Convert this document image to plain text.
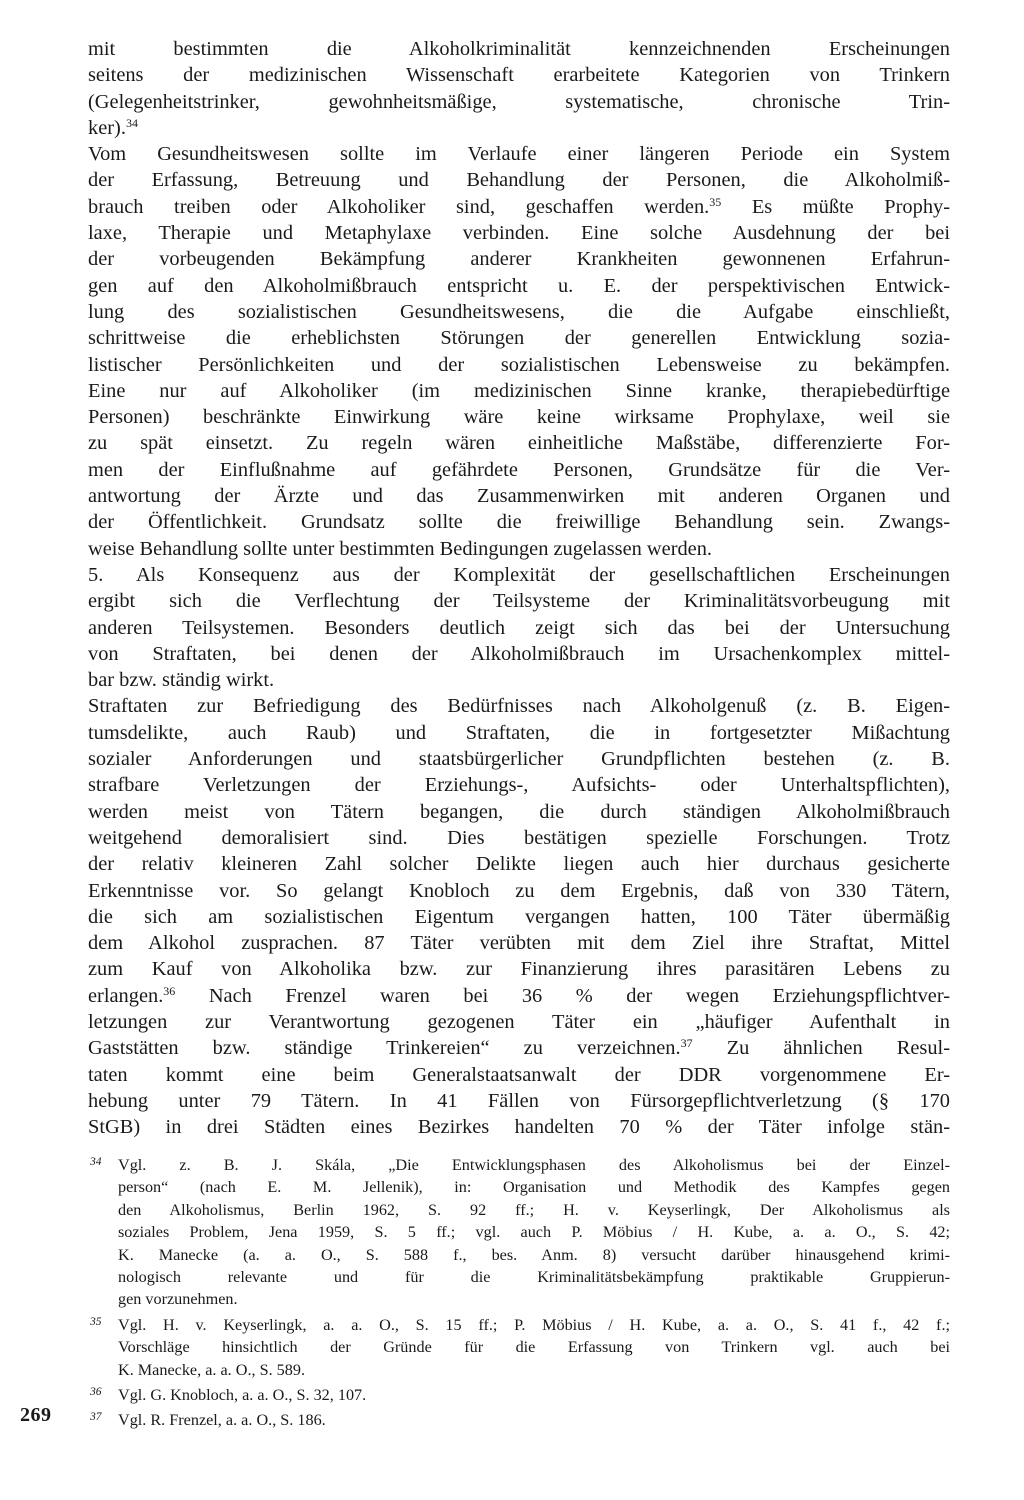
mit bestimmten die Alkoholkriminalität kennzeichnenden Erscheinungen
seitens der medizinischen Wissenschaft erarbeitete Kategorien von Trinkern
(Gelegenheitstrinker, gewohnheitsmäßige, systematische, chronische Trin-
ker).$^{34}$
Vom Gesundheitswesen sollte im Verlaufe einer längeren Periode ein System
der Erfassung, Betreuung und Behandlung der Personen, die Alkoholmiß-
brauch treiben oder Alkoholiker sind, geschaffen werden.$^{35}$ Es müßte Prophy-
laxe, Therapie und Metaphylaxe verbinden. Eine solche Ausdehnung der bei
der vorbeugenden Bekämpfung anderer Krankheiten gewonnenen Erfahrun-
gen auf den Alkoholmißbrauch entspricht u. E. der perspektivischen Entwick-
lung des sozialistischen Gesundheitswesens, die die Aufgabe einschließt,
schrittweise die erheblichsten Störungen der generellen Entwicklung sozia-
listischer Persönlichkeiten und der sozialistischen Lebensweise zu bekämpfen.
Eine nur auf Alkoholiker (im medizinischen Sinne kranke, therapiebedürftige
Personen) beschränkte Einwirkung wäre keine wirksame Prophylaxe, weil sie
zu spät einsetzt. Zu regeln wären einheitliche Maßstäbe, differenzierte For-
men der Einflußnahme auf gefährdete Personen, Grundsätze für die Ver-
antwortung der Ärzte und das Zusammenwirken mit anderen Organen und
der Öffentlichkeit. Grundsatz sollte die freiwillige Behandlung sein. Zwangs-
weise Behandlung sollte unter bestimmten Bedingungen zugelassen werden.
5. Als Konsequenz aus der Komplexität der gesellschaftlichen Erscheinungen
ergibt sich die Verflechtung der Teilsysteme der Kriminalitätsvorbeugung mit
anderen Teilsystemen. Besonders deutlich zeigt sich das bei der Untersuchung
von Straftaten, bei denen der Alkoholmißbrauch im Ursachenkomplex mittel-
bar bzw. ständig wirkt.
Straftaten zur Befriedigung des Bedürfnisses nach Alkoholgenuß (z. B. Eigen-
tumsdelikte, auch Raub) und Straftaten, die in fortgesetzter Mißachtung
sozialer Anforderungen und staatsbürgerlicher Grundpflichten bestehen (z. B.
strafbare Verletzungen der Erziehungs-, Aufsichts- oder Unterhaltspflichten),
werden meist von Tätern begangen, die durch ständigen Alkoholmißbrauch
weitgehend demoralisiert sind. Dies bestätigen spezielle Forschungen. Trotz
der relativ kleineren Zahl solcher Delikte liegen auch hier durchaus gesicherte
Erkenntnisse vor. So gelangt Knobloch zu dem Ergebnis, daß von 330 Tätern,
die sich am sozialistischen Eigentum vergangen hatten, 100 Täter übermäßig
dem Alkohol zusprachen. 87 Täter verübten mit dem Ziel ihre Straftat, Mittel
zum Kauf von Alkoholika bzw. zur Finanzierung ihres parasitären Lebens zu
erlangen.$^{36}$ Nach Frenzel waren bei 36 % der wegen Erziehungspflichtver-
letzungen zur Verantwortung gezogenen Täter ein „häufiger Aufenthalt in
Gaststätten bzw. ständige Trinkereien“ zu verzeichnen.$^{37}$ Zu ähnlichen Resul-
taten kommt eine beim Generalstaatsanwalt der DDR vorgenommene Er-
hebung unter 79 Tätern. In 41 Fällen von Fürsorgepflichtverletzung (§ 170
StGB) in drei Städten eines Bezirkes handelten 70 % der Täter infolge stän-
34	Vgl. z. B. J. Skála, „Die Entwicklungsphasen des Alkoholismus bei der Einzel-
person“ (nach E. M. Jellenik), in: Organisation und Methodik des Kampfes gegen
den Alkoholismus, Berlin 1962, S. 92 ff.; H. v. Keyserlingk, Der Alkoholismus als
soziales Problem, Jena 1959, S. 5 ff.; vgl. auch P. Möbius / H. Kube, a. a. O., S. 42;
K. Manecke (a. a. O., S. 588 f., bes. Anm. 8) versucht darüber hinausgehend krimi-
nologisch relevante und für die Kriminalitätsbekämpfung praktikable Gruppierun-
gen vorzunehmen.
35	Vgl. H. v. Keyserlingk, a. a. O., S. 15 ff.; P. Möbius / H. Kube, a. a. O., S. 41 f., 42 f.;
Vorschläge hinsichtlich der Gründe für die Erfassung von Trinkern vgl. auch bei
K. Manecke, a. a. O., S. 589.
36	Vgl. G. Knobloch, a. a. O., S. 32, 107.
37	Vgl. R. Frenzel, a. a. O., S. 186.
269
